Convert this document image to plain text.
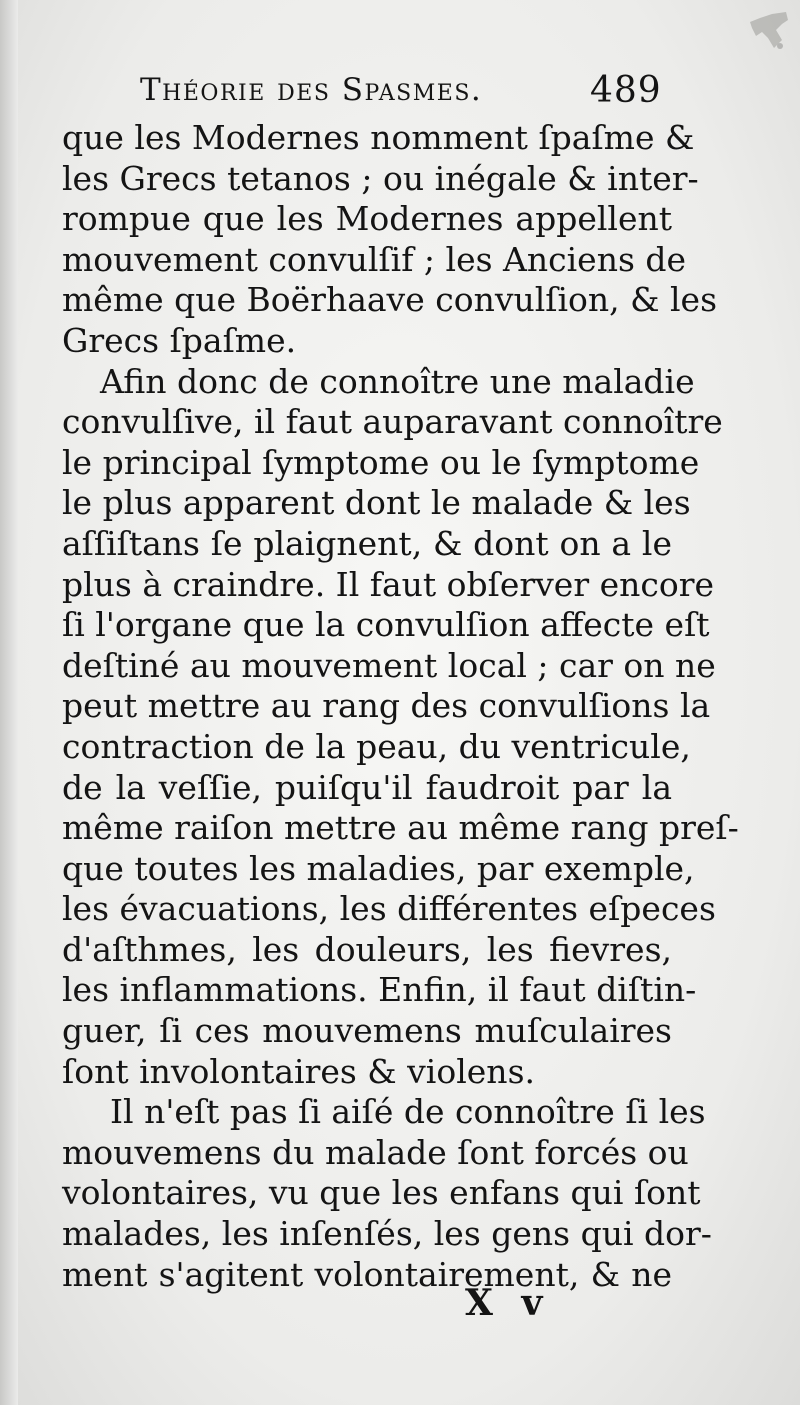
Théorie des Spasmes.	489
que les Modernes nomment ſpaſme &
les Grecs tetanos ; ou inégale & inter-
rompue que les Modernes appellent
mouvement convulſif ; les Anciens de
même que Boërhaave convulſion, & les
Grecs ſpaſme.
Afin donc de connoître une maladie
convulſive, il faut auparavant connoître
le principal ſymptome ou le ſymptome
le plus apparent dont le malade & les
aſſiſtans ſe plaignent, & dont on a le
plus à craindre. Il faut obſerver encore
ſi l'organe que la convulſion affecte eſt
deſtiné au mouvement local ; car on ne
peut mettre au rang des convulſions la
contraction de la peau, du ventricule,
de la veſſie, puiſqu'il faudroit par la
même raiſon mettre au même rang preſ-
que toutes les maladies, par exemple,
les évacuations, les différentes eſpeces
d'aſthmes, les douleurs, les fievres,
les inflammations. Enfin, il faut diſtin-
guer, ſi ces mouvemens muſculaires
ſont involontaires & violens.
Il n'eſt pas ſi aiſé de connoître ſi les
mouvemens du malade ſont forcés ou
volontaires, vu que les enfans qui ſont
malades, les inſenſés, les gens qui dor-
ment s'agitent volontairement, & ne
X v
